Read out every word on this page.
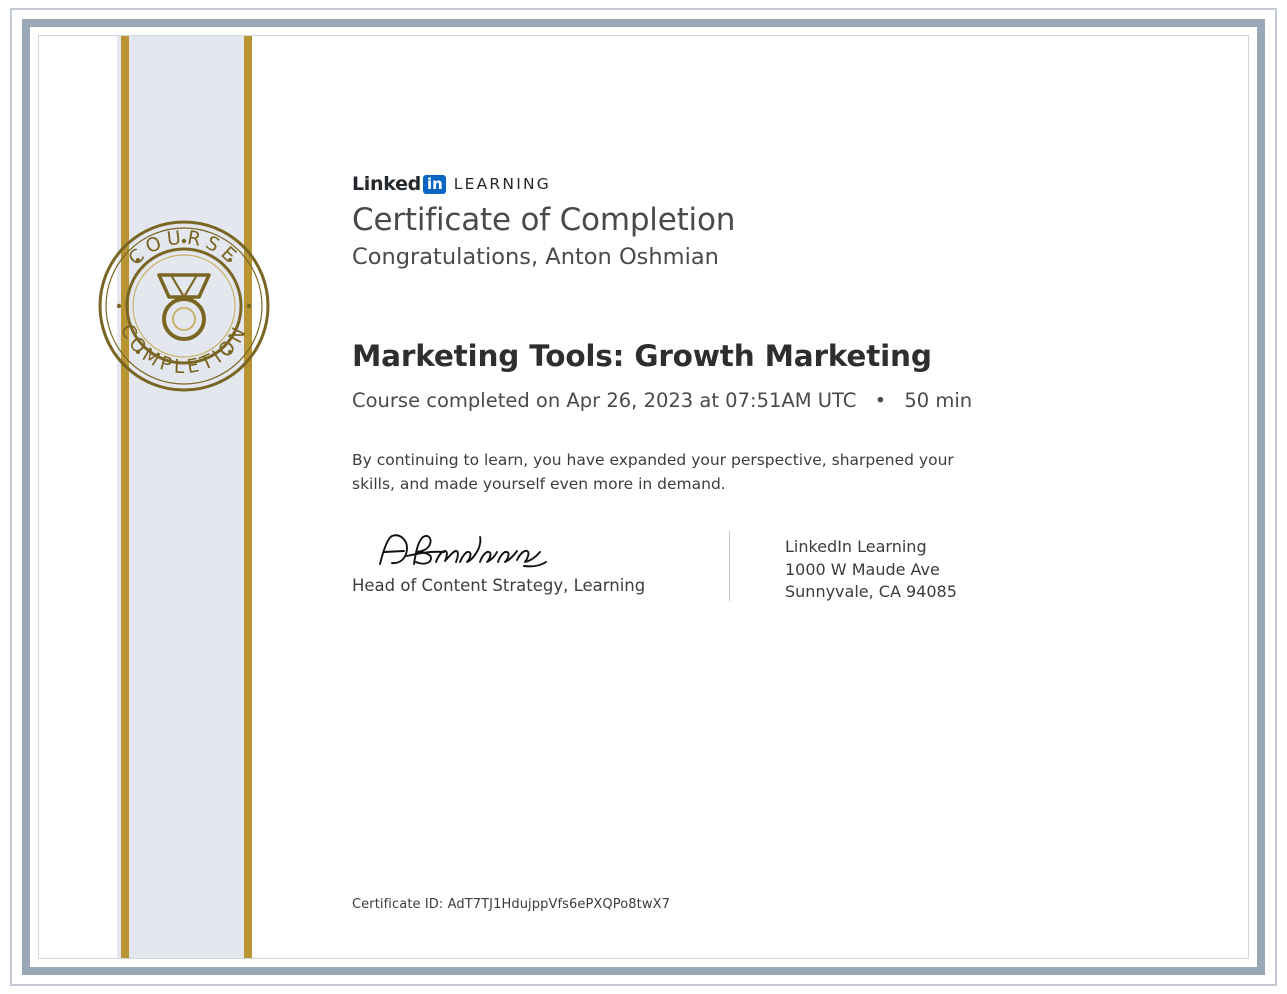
COURSE
COMPLETION
Linked in LEARNING
Certificate of Completion
Congratulations, Anton Oshmian
Marketing Tools: Growth Marketing
Course completed on Apr 26, 2023 at 07:51AM UTC • 50 min
By continuing to learn, you have expanded your perspective, sharpened your skills, and made yourself even more in demand.
Head of Content Strategy, Learning
LinkedIn Learning
1000 W Maude Ave
Sunnyvale, CA 94085
Certificate ID: AdT7TJ1HdujppVfs6ePXQPo8twX7
